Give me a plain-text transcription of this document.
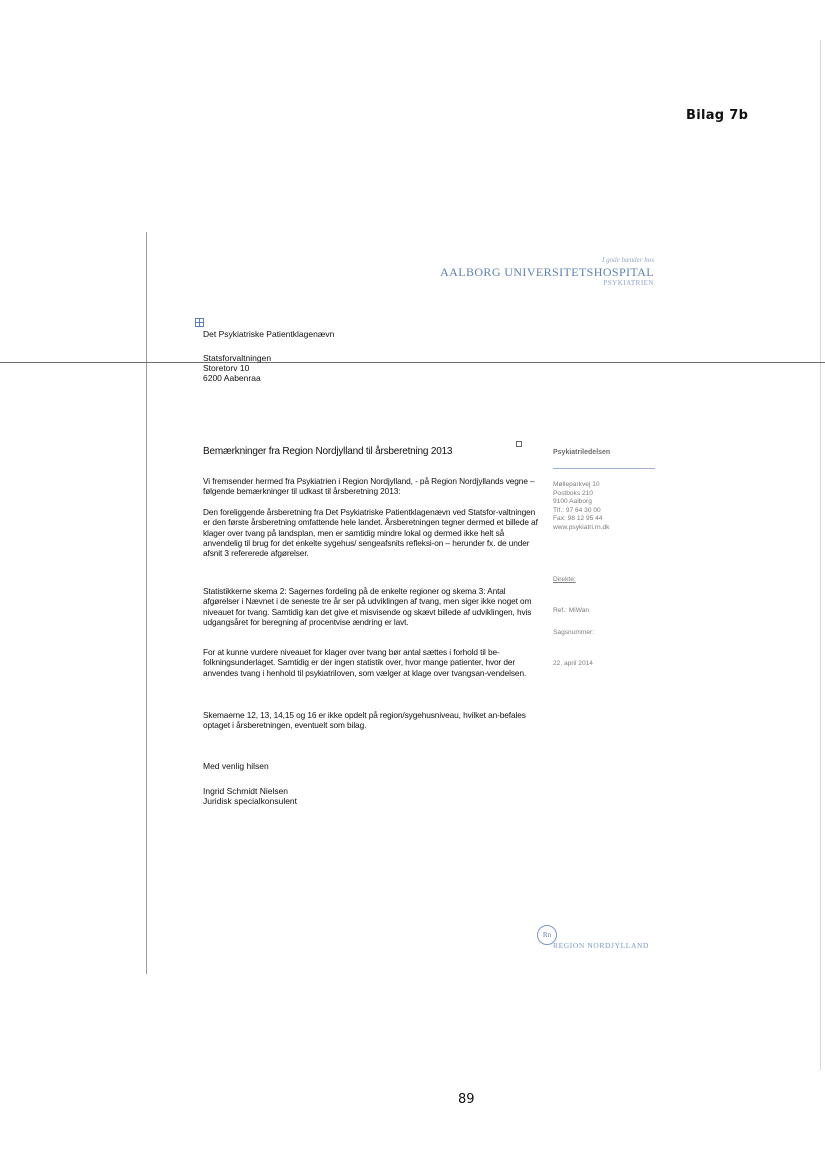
Bilag 7b
I gode hænder hos
AALBORG UNIVERSITETSHOSPITAL
PSYKIATRIEN
Det Psykiatriske Patientklagenævn
Statsforvaltningen
Storetorv 10
6200 Aabenraa
Bemærkninger fra Region Nordjylland til årsberetning 2013
Vi fremsender hermed fra Psykiatrien i Region Nordjylland, - på Region Nordjyllands vegne – følgende bemærkninger til udkast til årsberetning 2013:
Den foreliggende årsberetning fra Det Psykiatriske Patientklagenævn ved Statsfor-valtningen er den første årsberetning omfattende hele landet. Årsberetningen tegner dermed et billede af klager over tvang på landsplan, men er samtidig mindre lokal og dermed ikke helt så anvendelig til brug for det enkelte sygehus/ sengeafsnits refleksi-on – herunder fx. de under afsnit 3 refererede afgørelser.
Statistikkerne skema 2: Sagernes fordeling på de enkelte regioner og skema 3: Antal afgørelser i Nævnet i de seneste tre år ser på udviklingen af tvang, men siger ikke noget om niveauet for tvang. Samtidig kan det give et misvisende og skævt billede af udviklingen, hvis udgangsåret for beregning af procentvise ændring er lavt.
For at kunne vurdere niveauet for klager over tvang bør antal sættes i forhold til be-folkningsunderlaget. Samtidig er der ingen statistik over, hvor mange patienter, hvor der anvendes tvang i henhold til psykiatriloven, som vælger at klage over tvangsan-vendelsen.
Skemaerne 12, 13, 14,15 og 16 er ikke opdelt på region/sygehusniveau, hvilket an-befales optaget i årsberetningen, eventuelt som bilag.
Med venlig hilsen
Ingrid Schmidt Nielsen
Juridisk specialkonsulent
Psykiatriledelsen
Mølleparkvej 10
Postboks 210
9100 Aalborg
Tlf.: 97 64 30 00
Fax: 98 12 95 44
www.psykiatri.rn.dk
Direkte:
Ref.: MiWan
Sagsnummer:
22. april 2014
Rn
REGION NORDJYLLAND
89
